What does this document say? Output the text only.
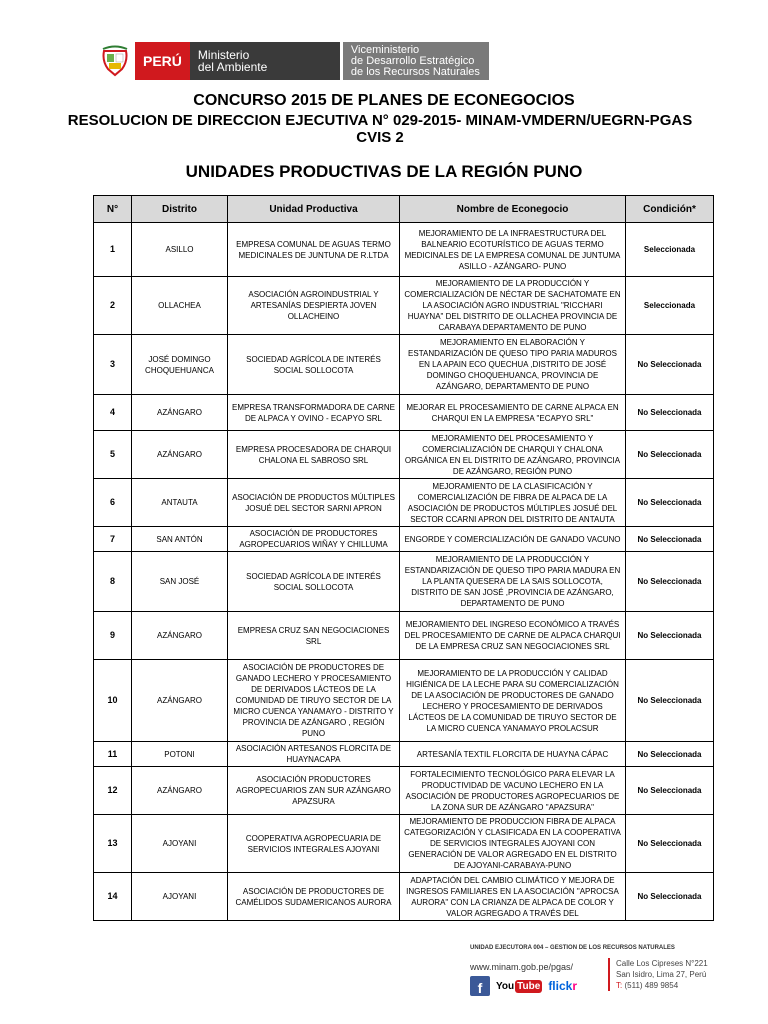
PERÚ	Ministerio
del Ambiente
Viceministerio
de Desarrollo Estratégico
de los Recursos Naturales
CONCURSO 2015 DE PLANES DE ECONEGOCIOS
RESOLUCION DE DIRECCION EJECUTIVA N° 029-2015- MINAM-VMDERN/UEGRN-PGAS CVIS 2
UNIDADES PRODUCTIVAS DE LA REGIÓN PUNO
N°	Distrito	Unidad Productiva	Nombre de Econegocio	Condición*
1	ASILLO	EMPRESA COMUNAL DE AGUAS TERMO MEDICINALES DE JUNTUNA DE R.LTDA	MEJORAMIENTO DE LA INFRAESTRUCTURA DEL BALNEARIO ECOTURÍSTICO DE AGUAS TERMO MEDICINALES DE LA EMPRESA COMUNAL DE JUNTUMA ASILLO - AZÁNGARO- PUNO	Seleccionada
2	OLLACHEA	ASOCIACIÓN AGROINDUSTRIAL Y ARTESANÍAS DESPIERTA JOVEN OLLACHEINO	MEJORAMIENTO DE LA PRODUCCIÓN Y COMERCIALIZACIÓN DE NÉCTAR DE SACHATOMATE EN LA ASOCIACIÓN AGRO INDUSTRIAL "RICCHARI HUAYNA" DEL DISTRITO DE OLLACHEA PROVINCIA DE CARABAYA DEPARTAMENTO DE PUNO	Seleccionada
3	JOSÉ DOMINGO CHOQUEHUANCA	SOCIEDAD AGRÍCOLA DE INTERÉS SOCIAL SOLLOCOTA	MEJORAMIENTO EN ELABORACIÓN Y ESTANDARIZACIÓN DE QUESO TIPO PARIA MADUROS EN LA APAIN ECO QUECHUA ,DISTRITO DE JOSÉ DOMINGO CHOQUEHUANCA, PROVINCIA DE AZÁNGARO, DEPARTAMENTO DE PUNO	No Seleccionada
4	AZÁNGARO	EMPRESA TRANSFORMADORA DE CARNE DE ALPACA Y OVINO - ECAPYO SRL	MEJORAR EL PROCESAMIENTO DE CARNE ALPACA EN CHARQUI EN LA EMPRESA "ECAPYO SRL"	No Seleccionada
5	AZÁNGARO	EMPRESA PROCESADORA DE CHARQUI CHALONA EL SABROSO SRL	MEJORAMIENTO DEL PROCESAMIENTO Y COMERCIALIZACIÓN DE CHARQUI Y CHALONA ORGÁNICA EN EL DISTRITO DE AZÁNGARO, PROVINCIA DE AZÁNGARO, REGIÓN PUNO	No Seleccionada
6	ANTAUTA	ASOCIACIÓN DE PRODUCTOS MÚLTIPLES JOSUÉ DEL SECTOR SARNI APRON	MEJORAMIENTO DE LA CLASIFICACIÓN Y COMERCIALIZACIÓN DE FIBRA DE ALPACA DE LA ASOCIACIÓN DE PRODUCTOS MÚLTIPLES JOSUÉ DEL SECTOR CCARNI APRON DEL DISTRITO DE ANTAUTA	No Seleccionada
7	SAN ANTÓN	ASOCIACIÓN DE PRODUCTORES AGROPECUARIOS WIÑAY Y CHILLUMA	ENGORDE Y COMERCIALIZACIÓN DE GANADO VACUNO	No Seleccionada
8	SAN JOSÉ	SOCIEDAD AGRÍCOLA DE INTERÉS SOCIAL SOLLOCOTA	MEJORAMIENTO DE LA PRODUCCIÓN Y ESTANDARIZACIÓN DE QUESO TIPO PARIA MADURA EN LA PLANTA QUESERA DE LA SAIS SOLLOCOTA, DISTRITO DE SAN JOSÉ ,PROVINCIA DE AZÁNGARO, DEPARTAMENTO DE PUNO	No Seleccionada
9	AZÁNGARO	EMPRESA CRUZ SAN NEGOCIACIONES SRL	MEJORAMIENTO DEL INGRESO ECONÓMICO A TRAVÉS DEL PROCESAMIENTO DE CARNE DE ALPACA CHARQUI DE LA EMPRESA CRUZ SAN NEGOCIACIONES SRL	No Seleccionada
10	AZÁNGARO	ASOCIACIÓN DE PRODUCTORES DE GANADO LECHERO Y PROCESAMIENTO DE DERIVADOS LÁCTEOS DE LA COMUNIDAD DE TIRUYO SECTOR DE LA MICRO CUENCA YANAMAYO - DISTRITO Y PROVINCIA DE AZÁNGARO , REGIÓN PUNO	MEJORAMIENTO DE LA PRODUCCIÓN Y CALIDAD HIGIÉNICA DE LA LECHE PARA SU COMERCIALIZACIÓN DE LA ASOCIACIÓN DE PRODUCTORES DE GANADO LECHERO Y PROCESAMIENTO DE DERIVADOS LÁCTEOS DE LA COMUNIDAD DE TIRUYO SECTOR DE LA MICRO CUENCA YANAMAYO PROLACSUR	No Seleccionada
11	POTONI	ASOCIACIÓN ARTESANOS FLORCITA DE HUAYNACAPA	ARTESANÍA TEXTIL FLORCITA DE HUAYNA CÁPAC	No Seleccionada
12	AZÁNGARO	ASOCIACIÓN PRODUCTORES AGROPECUARIOS ZAN SUR AZÁNGARO APAZSURA	FORTALECIMIENTO TECNOLÓGICO PARA ELEVAR LA PRODUCTIVIDAD DE VACUNO LECHERO EN LA ASOCIACIÓN DE PRODUCTORES AGROPECUARIOS DE LA ZONA SUR DE AZÁNGARO "APAZSURA"	No Seleccionada
13	AJOYANI	COOPERATIVA AGROPECUARIA DE SERVICIOS INTEGRALES AJOYANI	MEJORAMIENTO DE PRODUCCION FIBRA DE ALPACA CATEGORIZACIÓN Y CLASIFICADA EN LA COOPERATIVA DE SERVICIOS INTEGRALES AJOYANI CON GENERACIÓN DE VALOR AGREGADO EN EL DISTRITO DE AJOYANI-CARABAYA-PUNO	No Seleccionada
14	AJOYANI	ASOCIACIÓN DE PRODUCTORES DE CAMÉLIDOS SUDAMERICANOS AURORA	ADAPTACIÓN DEL CAMBIO CLIMÁTICO Y MEJORA DE INGRESOS FAMILIARES EN LA ASOCIACIÓN "APROCSA AURORA" CON LA CRIANZA DE ALPACA DE COLOR Y VALOR AGREGADO A TRAVÉS DEL	No Seleccionada
UNIDAD EJECUTORA 004 – GESTION DE LOS RECURSOS NATURALES
www.minam.gob.pe/pgas/
f	You Tube flickr
Calle Los Cipreses N°221
San Isidro, Lima 27, Perú
T: (511) 489 9854
